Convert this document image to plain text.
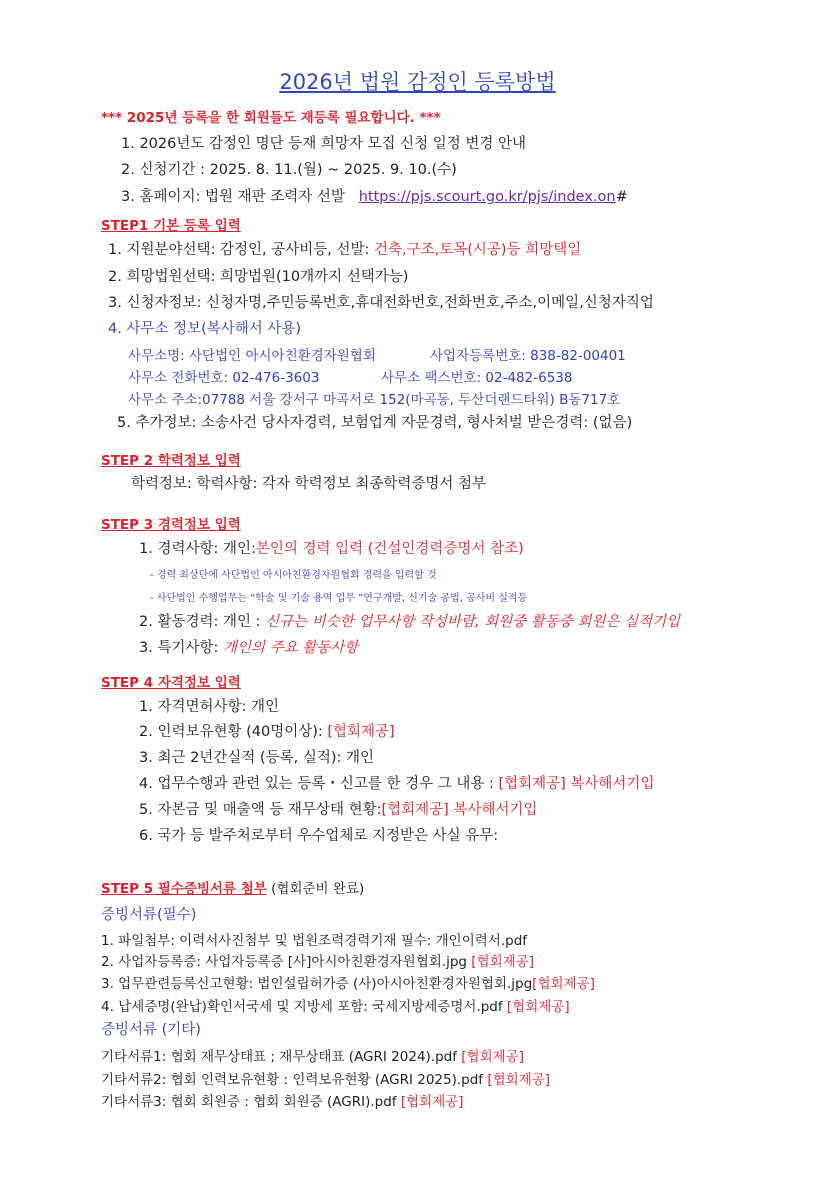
2026년 법원 감정인 등록방법
*** 2025년 등록을 한 회원들도 재등록 필요합니다. ***
1. 2026년도 감정인 명단 등재 희망자 모집 신청 일정 변경 안내
2. 신청기간 : 2025. 8. 11.(월) ~ 2025. 9. 10.(수)
3. 홈페이지: 법원 재판 조력자 선발 https://pjs.scourt.go.kr/pjs/index.on#
STEP1 기본 등록 입력
1. 지원분야선택: 감정인, 공사비등, 선발: 건축,구조,토목(시공)등 희망택일
2. 희망법원선택: 희망법원(10개까지 선택가능)
3. 신청자정보: 신청자명,주민등록번호,휴대전화번호,전화번호,주소,이메일,신청자직업
4. 사무소 정보(복사해서 사용)
사무소명: 사단법인 아시아친환경자원협회	사업자등록번호: 838-82-00401
사무소 전화번호: 02-476-3603	사무소 팩스번호: 02-482-6538
사무소 주소:07788 서울 강서구 마곡서로 152(마곡동, 두산더랜드타워) B동717호
5. 추가정보: 소송사건 당사자경력, 보험업계 자문경력, 형사처벌 받은경력: (없음)
STEP 2 학력정보 입력
학력정보: 학력사항: 각자 학력정보 최종학력증명서 첨부
STEP 3 경력정보 입력
1. 경력사항: 개인:본인의 경력 입력 (건설인경력증명서 참조)
- 경력 최상단에 사단법인 아시아친환경자원협회 경력을 입력할 것
- 사단법인 수행업무는 “학술 및 기술 용역 업무 ”연구개발, 신기술 공법, 공사비 실적등
2. 활동경력: 개인 : 신규는 비슷한 업무사항 작성바람, 회원중 활동중 회원은 실적기입
3. 특기사항: 개인의 주요 활동사항
STEP 4 자격정보 입력
1. 자격면허사항: 개인
2. 인력보유현황 (40명이상): [협회제공]
3. 최근 2년간실적 (등록, 실적): 개인
4. 업무수행과 관련 있는 등록・신고를 한 경우 그 내용 : [협회제공] 복사해서기입
5. 자본금 및 매출액 등 재무상태 현황:[협회제공] 복사해서기입
6. 국가 등 발주처로부터 우수업체로 지정받은 사실 유무:
STEP 5 필수증빙서류 첨부 (협회준비 완료)
증빙서류(필수)
1. 파일첨부: 이력서사진첨부 및 법원조력경력기재 필수: 개인이력서.pdf
2. 사업자등록증: 사업자등록증 [사]아시아친환경자원협회.jpg [협회제공]
3. 업무관련등록신고현황: 법인설립허가증 (사)아시아친환경자원협회.jpg[협회제공]
4. 납세증명(완납)확인서국세 및 지방세 포함: 국세지방세증명서.pdf [협회제공]
증빙서류 (기타)
기타서류1: 협회 재무상태표 ; 재무상태표 (AGRI 2024).pdf [협회제공]
기타서류2: 협회 인력보유현황 : 인력보유현황 (AGRI 2025).pdf [협회제공]
기타서류3: 협회 회원증 : 협회 회원증 (AGRI).pdf [협회제공]
